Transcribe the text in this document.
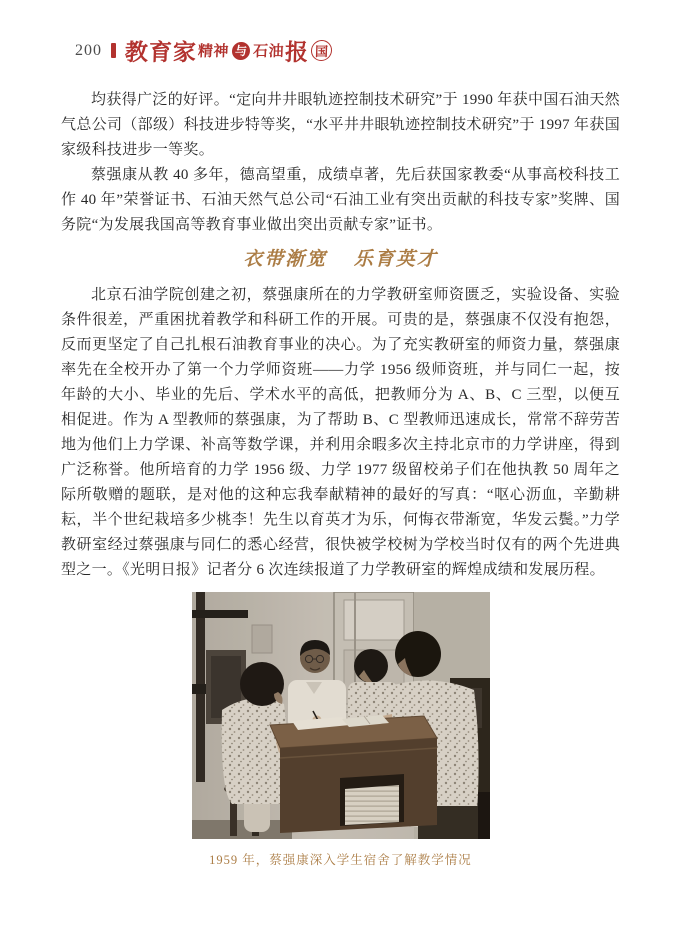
200 教育家 精神 与 石油 报 国

均获得广泛的好评。“定向井井眼轨迹控制技术研究”于 1990 年获中国石油天然气总公司（部级）科技进步特等奖，“水平井井眼轨迹控制技术研究”于 1997 年获国家级科技进步一等奖。

蔡强康从教 40 多年，德高望重，成绩卓著，先后获国家教委“从事高校科技工作 40 年”荣誉证书、石油天然气总公司“石油工业有突出贡献的科技专家”奖牌、国务院“为发展我国高等教育事业做出突出贡献专家”证书。

衣带渐宽 乐育英才

北京石油学院创建之初，蔡强康所在的力学教研室师资匮乏，实验设备、实验条件很差，严重困扰着教学和科研工作的开展。可贵的是，蔡强康不仅没有抱怨，反而更坚定了自己扎根石油教育事业的决心。为了充实教研室的师资力量，蔡强康率先在全校开办了第一个力学师资班——力学 1956 级师资班，并与同仁一起，按年龄的大小、毕业的先后、学术水平的高低，把教师分为 A、B、C 三型，以便互相促进。作为 A 型教师的蔡强康，为了帮助 B、C 型教师迅速成长，常常不辞劳苦地为他们上力学课、补高等数学课，并利用余暇多次主持北京市的力学讲座，得到广泛称誉。他所培育的力学 1956 级、力学 1977 级留校弟子们在他执教 50 周年之际所敬赠的题联，是对他的这种忘我奉献精神的最好的写真：“呕心沥血，辛勤耕耘，半个世纪栽培多少桃李！先生以育英才为乐，何悔衣带渐宽，华发云鬓。”力学教研室经过蔡强康与同仁的悉心经营，很快被学校树为学校当时仅有的两个先进典型之一。《光明日报》记者分 6 次连续报道了力学教研室的辉煌成绩和发展历程。

1959 年，蔡强康深入学生宿舍了解教学情况
